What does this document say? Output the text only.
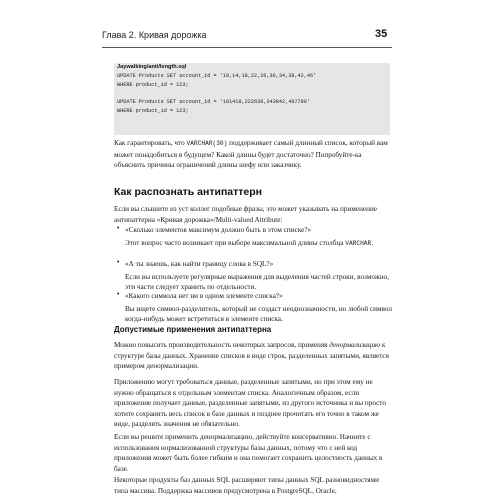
Глава 2. Кривая дорожка	35
Jaywalking/anti/length.sql
UPDATE Products SET account_id = '10,14,18,22,26,30,34,38,42,46'
WHERE product_id = 123;
UPDATE Products SET account_id = '101418,222630,343842,467790'
WHERE product_id = 123;

Как гарантировать, что VARCHAR(30) поддерживает самый длинный список, который вам может понадобиться в будущем? Какой длины будет достаточно? Попробуйте-ка объяснить причины ограничений длины шефу или заказчику.

Как распознать антипаттерн
Если вы слышите из уст коллег подобные фразы, это может указывать на применение антипаттерна «Кривая дорожка»/Multi-valued Attribute:
• «Сколько элементов максимум должно быть в этом списке?»

Этот вопрос часто возникает при выборе максимальной длины столбца VARCHAR.

• «А ты знаешь, как найти границу слова в SQL?»

Если вы используете регулярные выражения для выделения частей строки, возможно, эти части следует хранить по отдельности.

• «Какого символа нет ни в одном элементе списка?»

Вы ищете символ-разделитель, который не создаст неоднозначности, но любой символ когда-нибудь может встретиться в элементе списка.

Допустимые применения антипаттерна

Можно повысить производительность некоторых запросов, применяя денормализацию к структуре базы данных. Хранение списков в виде строк, разделенных запятыми, является примером денормализации.

Приложению могут требоваться данные, разделенные запятыми, но при этом ему не нужно обращаться к отдельным элементам списка. Аналогичным образом, если приложение получает данные, разделенные запятыми, из другого источника и вы просто хотите сохранить весь список в базе данных и позднее прочитать его точно в таком же виде, разделять значения не обязательно.
Если вы решите применить денормализацию, действуйте консервативно. Начните с использования нормализованной структуры базы данных, потому что с ней код приложения может быть более гибким и она помогает сохранить целостность данных в базе.
Некоторые продукты баз данных SQL расширяют типы данных SQL разновидностями типа массива. Поддержка массивов предусмотрена в PostgreSQL, Oracle,
